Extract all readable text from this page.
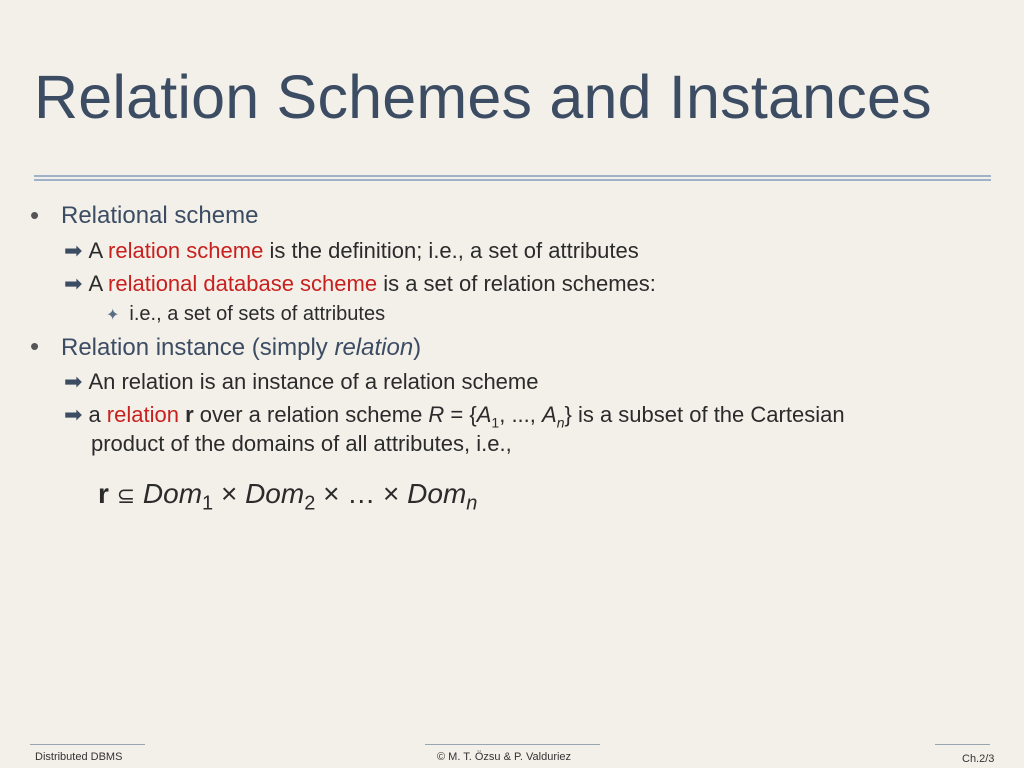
Relation Schemes and Instances
• Relational scheme
➡ A relation scheme is the definition; i.e., a set of attributes
➡ A relational database scheme is a set of relation schemes:
✦ i.e., a set of sets of attributes
• Relation instance (simply relation)
➡ An relation is an instance of a relation scheme
➡ a relation r over a relation scheme $R = \{A_1$, ..., $A_n$} is a subset of the Cartesian
product of the domains of all attributes, i.e.,
r ⊆ Dom$_1$ × Dom$_2$ × … × Dom$_n$
Distributed DBMS	© M. T. Özsu & P. Valduriez	Ch.2/3
